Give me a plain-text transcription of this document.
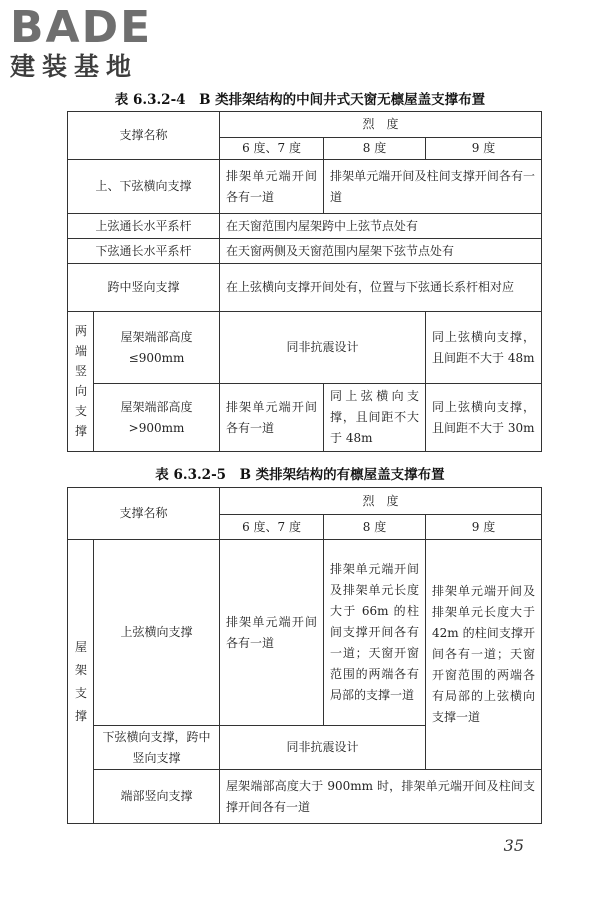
BADE
建装基地
表 6.3.2-4　B 类排架结构的中间井式天窗无檩屋盖支撑布置
支撑名称		烈　度		
		6 度、7 度	8 度	9 度
上、下弦横向支撑		排架单元端开间各有一道	排架单元端开间及柱间支撑开间各有一道	
上弦通长水平系杆		在天窗范围内屋架跨中上弦节点处有		
下弦通长水平系杆		在天窗两侧及天窗范围内屋架下弦节点处有		
跨中竖向支撑		在上弦横向支撑开间处有，位置与下弦通长系杆相对应		
两端竖向支撑	屋架端部高度≤900mm	同非抗震设计		同上弦横向支撑，且间距不大于 48m
	屋架端部高度>900mm	排架单元端开间各有一道	同上弦横向支撑，且间距不大于 48m	同上弦横向支撑，且间距不大于 30m
表 6.3.2-5　B 类排架结构的有檩屋盖支撑布置
支撑名称		烈　度		
		6 度、7 度	8 度	9 度
屋架支撑	上弦横向支撑	排架单元端开间各有一道	排架单元端开间及排架单元长度大于 66m 的柱间支撑开间各有一道；天窗开窗范围的两端各有局部的支撑一道	排架单元端开间及排架单元长度大于 42m 的柱间支撑开间各有一道；天窗开窗范围的两端各有局部的上弦横向支撑一道
	下弦横向支撑，跨中竖向支撑	同非抗震设计		
	端部竖向支撑	屋架端部高度大于 900mm 时，排架单元端开间及柱间支撑开间各有一道		
35
